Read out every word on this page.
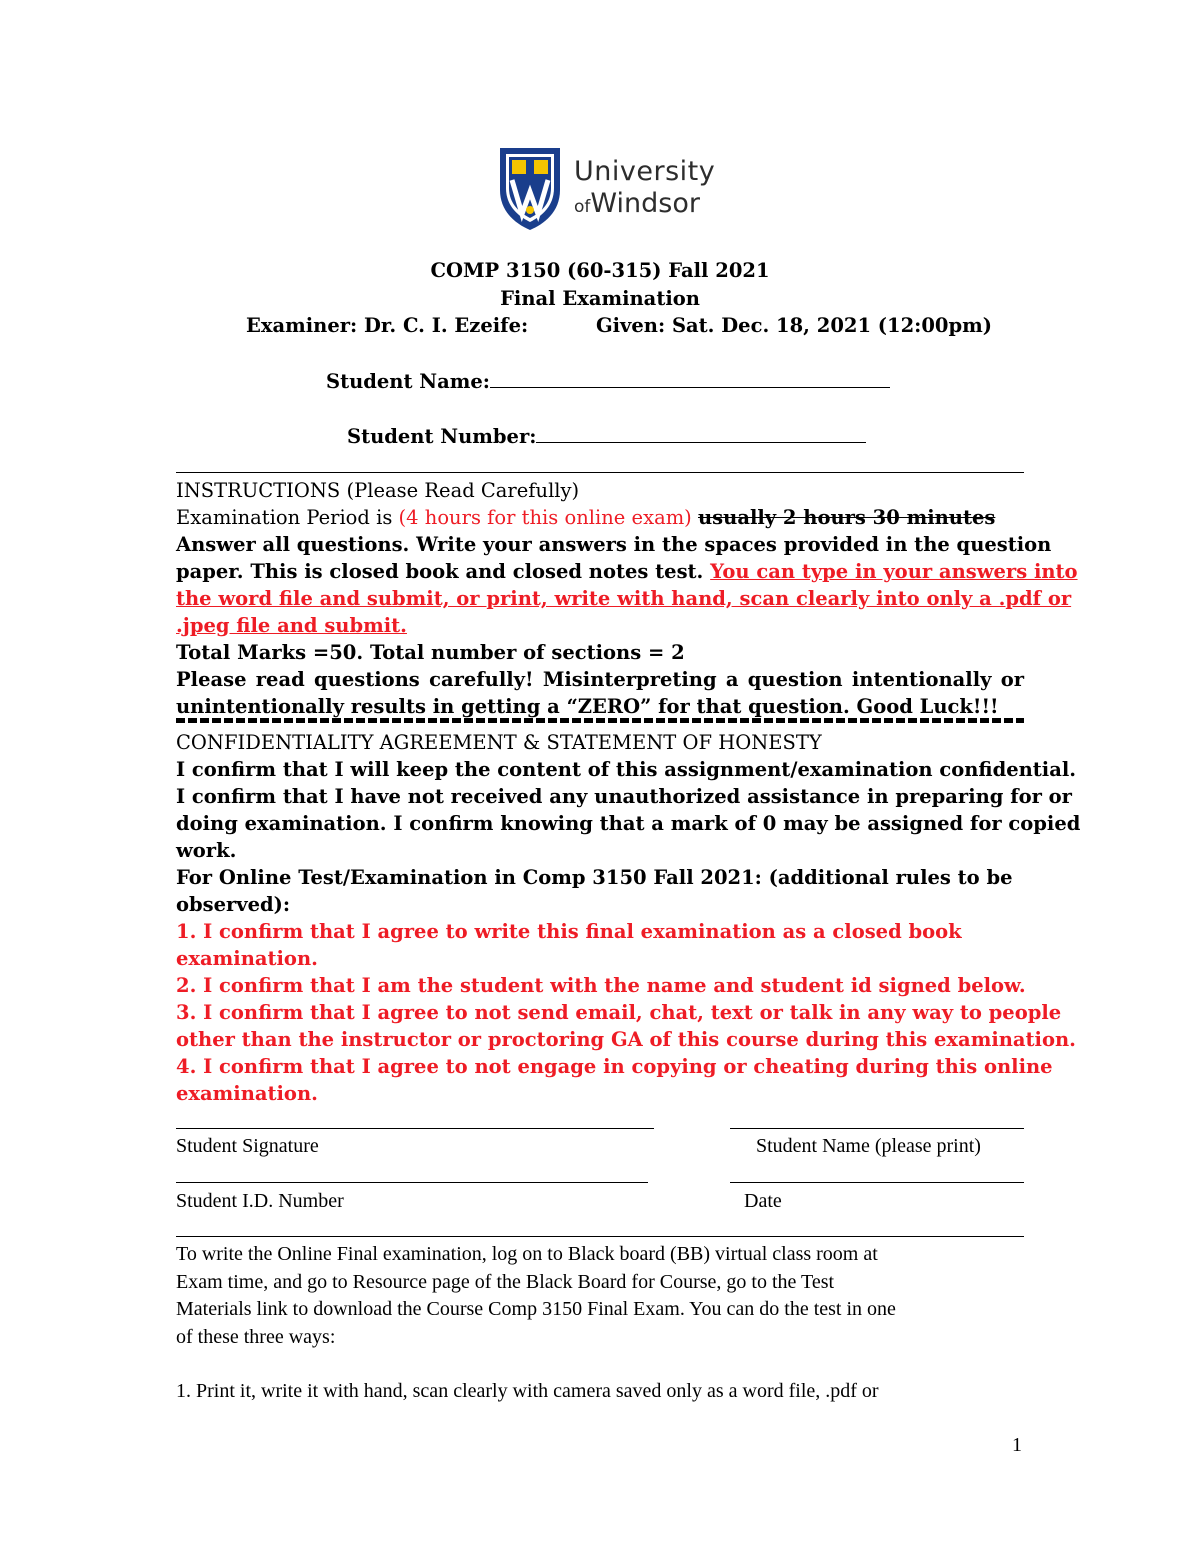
University
ofWindsor
COMP 3150 (60-315) Fall 2021
Final Examination
Examiner: Dr. C. I. Ezeife:	Given: Sat. Dec. 18, 2021 (12:00pm)
Student Name:
Student Number:
INSTRUCTIONS (Please Read Carefully)
Examination Period is (4 hours for this online exam) usually 2 hours 30 minutes
Answer all questions. Write your answers in the spaces provided in the question
paper. This is closed book and closed notes test. You can type in your answers into
the word file and submit, or print, write with hand, scan clearly into only a .pdf or
.jpeg file and submit.
Total Marks =50. Total number of sections = 2
Please read questions carefully! Misinterpreting a question intentionally or
unintentionally results in getting a “ZERO” for that question. Good Luck!!!
CONFIDENTIALITY AGREEMENT & STATEMENT OF HONESTY
I confirm that I will keep the content of this assignment/examination confidential.
I confirm that I have not received any unauthorized assistance in preparing for or
doing examination. I confirm knowing that a mark of 0 may be assigned for copied
work.
For Online Test/Examination in Comp 3150 Fall 2021: (additional rules to be
observed):
1. I confirm that I agree to write this final examination as a closed book
examination.
2. I confirm that I am the student with the name and student id signed below.
3. I confirm that I agree to not send email, chat, text or talk in any way to people
other than the instructor or proctoring GA of this course during this examination.
4. I confirm that I agree to not engage in copying or cheating during this online
examination.
Student Signature	Student Name (please print)
Student I.D. Number	Date
To write the Online Final examination, log on to Black board (BB) virtual class room at
Exam time, and go to Resource page of the Black Board for Course, go to the Test
Materials link to download the Course Comp 3150 Final Exam. You can do the test in one
of these three ways:
1. Print it, write it with hand, scan clearly with camera saved only as a word file, .pdf or
1
